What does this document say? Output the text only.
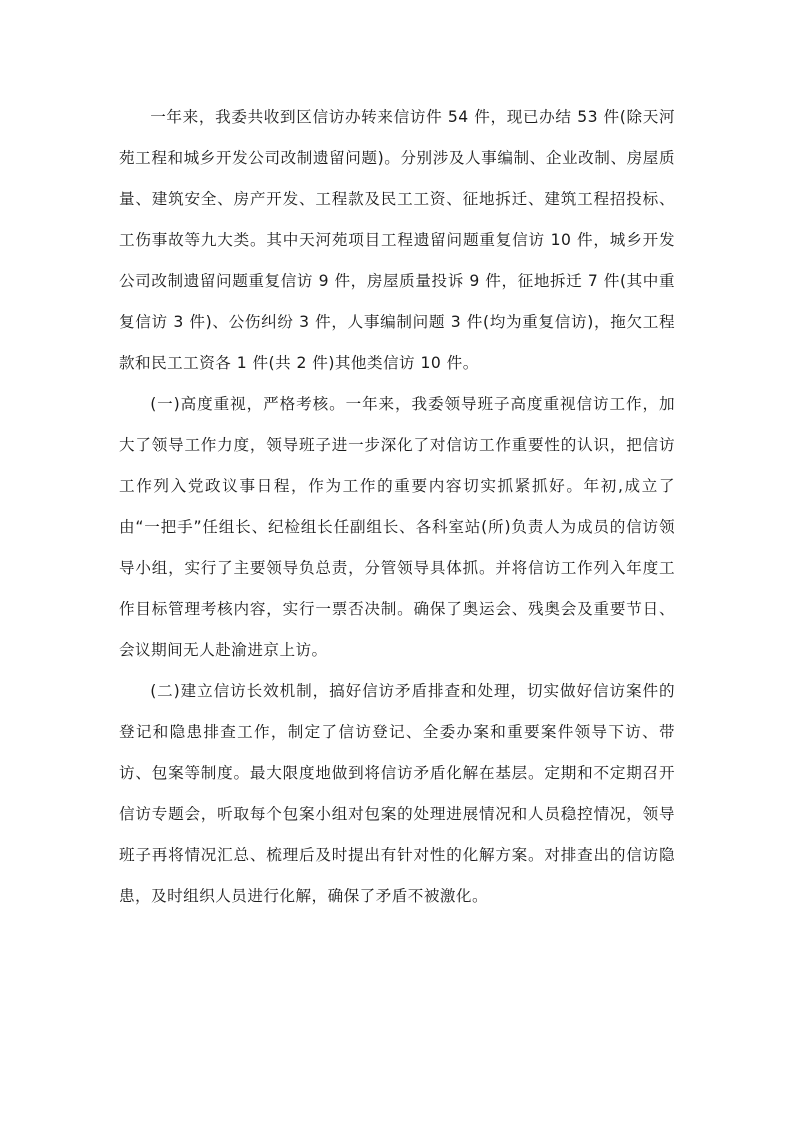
一年来，我委共收到区信访办转来信访件 54 件，现已办结 53 件(除天河苑工程和城乡开发公司改制遗留问题)。分别涉及人事编制、企业改制、房屋质量、建筑安全、房产开发、工程款及民工工资、征地拆迁、建筑工程招投标、工伤事故等九大类。其中天河苑项目工程遗留问题重复信访 10 件，城乡开发公司改制遗留问题重复信访 9 件，房屋质量投诉 9 件，征地拆迁 7 件(其中重复信访 3 件)、公伤纠纷 3 件，人事编制问题 3 件(均为重复信访)，拖欠工程款和民工工资各 1 件(共 2 件)其他类信访 10 件。

(一)高度重视，严格考核。一年来，我委领导班子高度重视信访工作，加大了领导工作力度，领导班子进一步深化了对信访工作重要性的认识，把信访工作列入党政议事日程，作为工作的重要内容切实抓紧抓好。年初,成立了由“一把手”任组长、纪检组长任副组长、各科室站(所)负责人为成员的信访领导小组，实行了主要领导负总责，分管领导具体抓。并将信访工作列入年度工作目标管理考核内容，实行一票否决制。确保了奥运会、残奥会及重要节日、会议期间无人赴渝进京上访。

(二)建立信访长效机制，搞好信访矛盾排查和处理，切实做好信访案件的登记和隐患排查工作，制定了信访登记、全委办案和重要案件领导下访、带访、包案等制度。最大限度地做到将信访矛盾化解在基层。定期和不定期召开信访专题会，听取每个包案小组对包案的处理进展情况和人员稳控情况，领导班子再将情况汇总、梳理后及时提出有针对性的化解方案。对排查出的信访隐患，及时组织人员进行化解，确保了矛盾不被激化。
